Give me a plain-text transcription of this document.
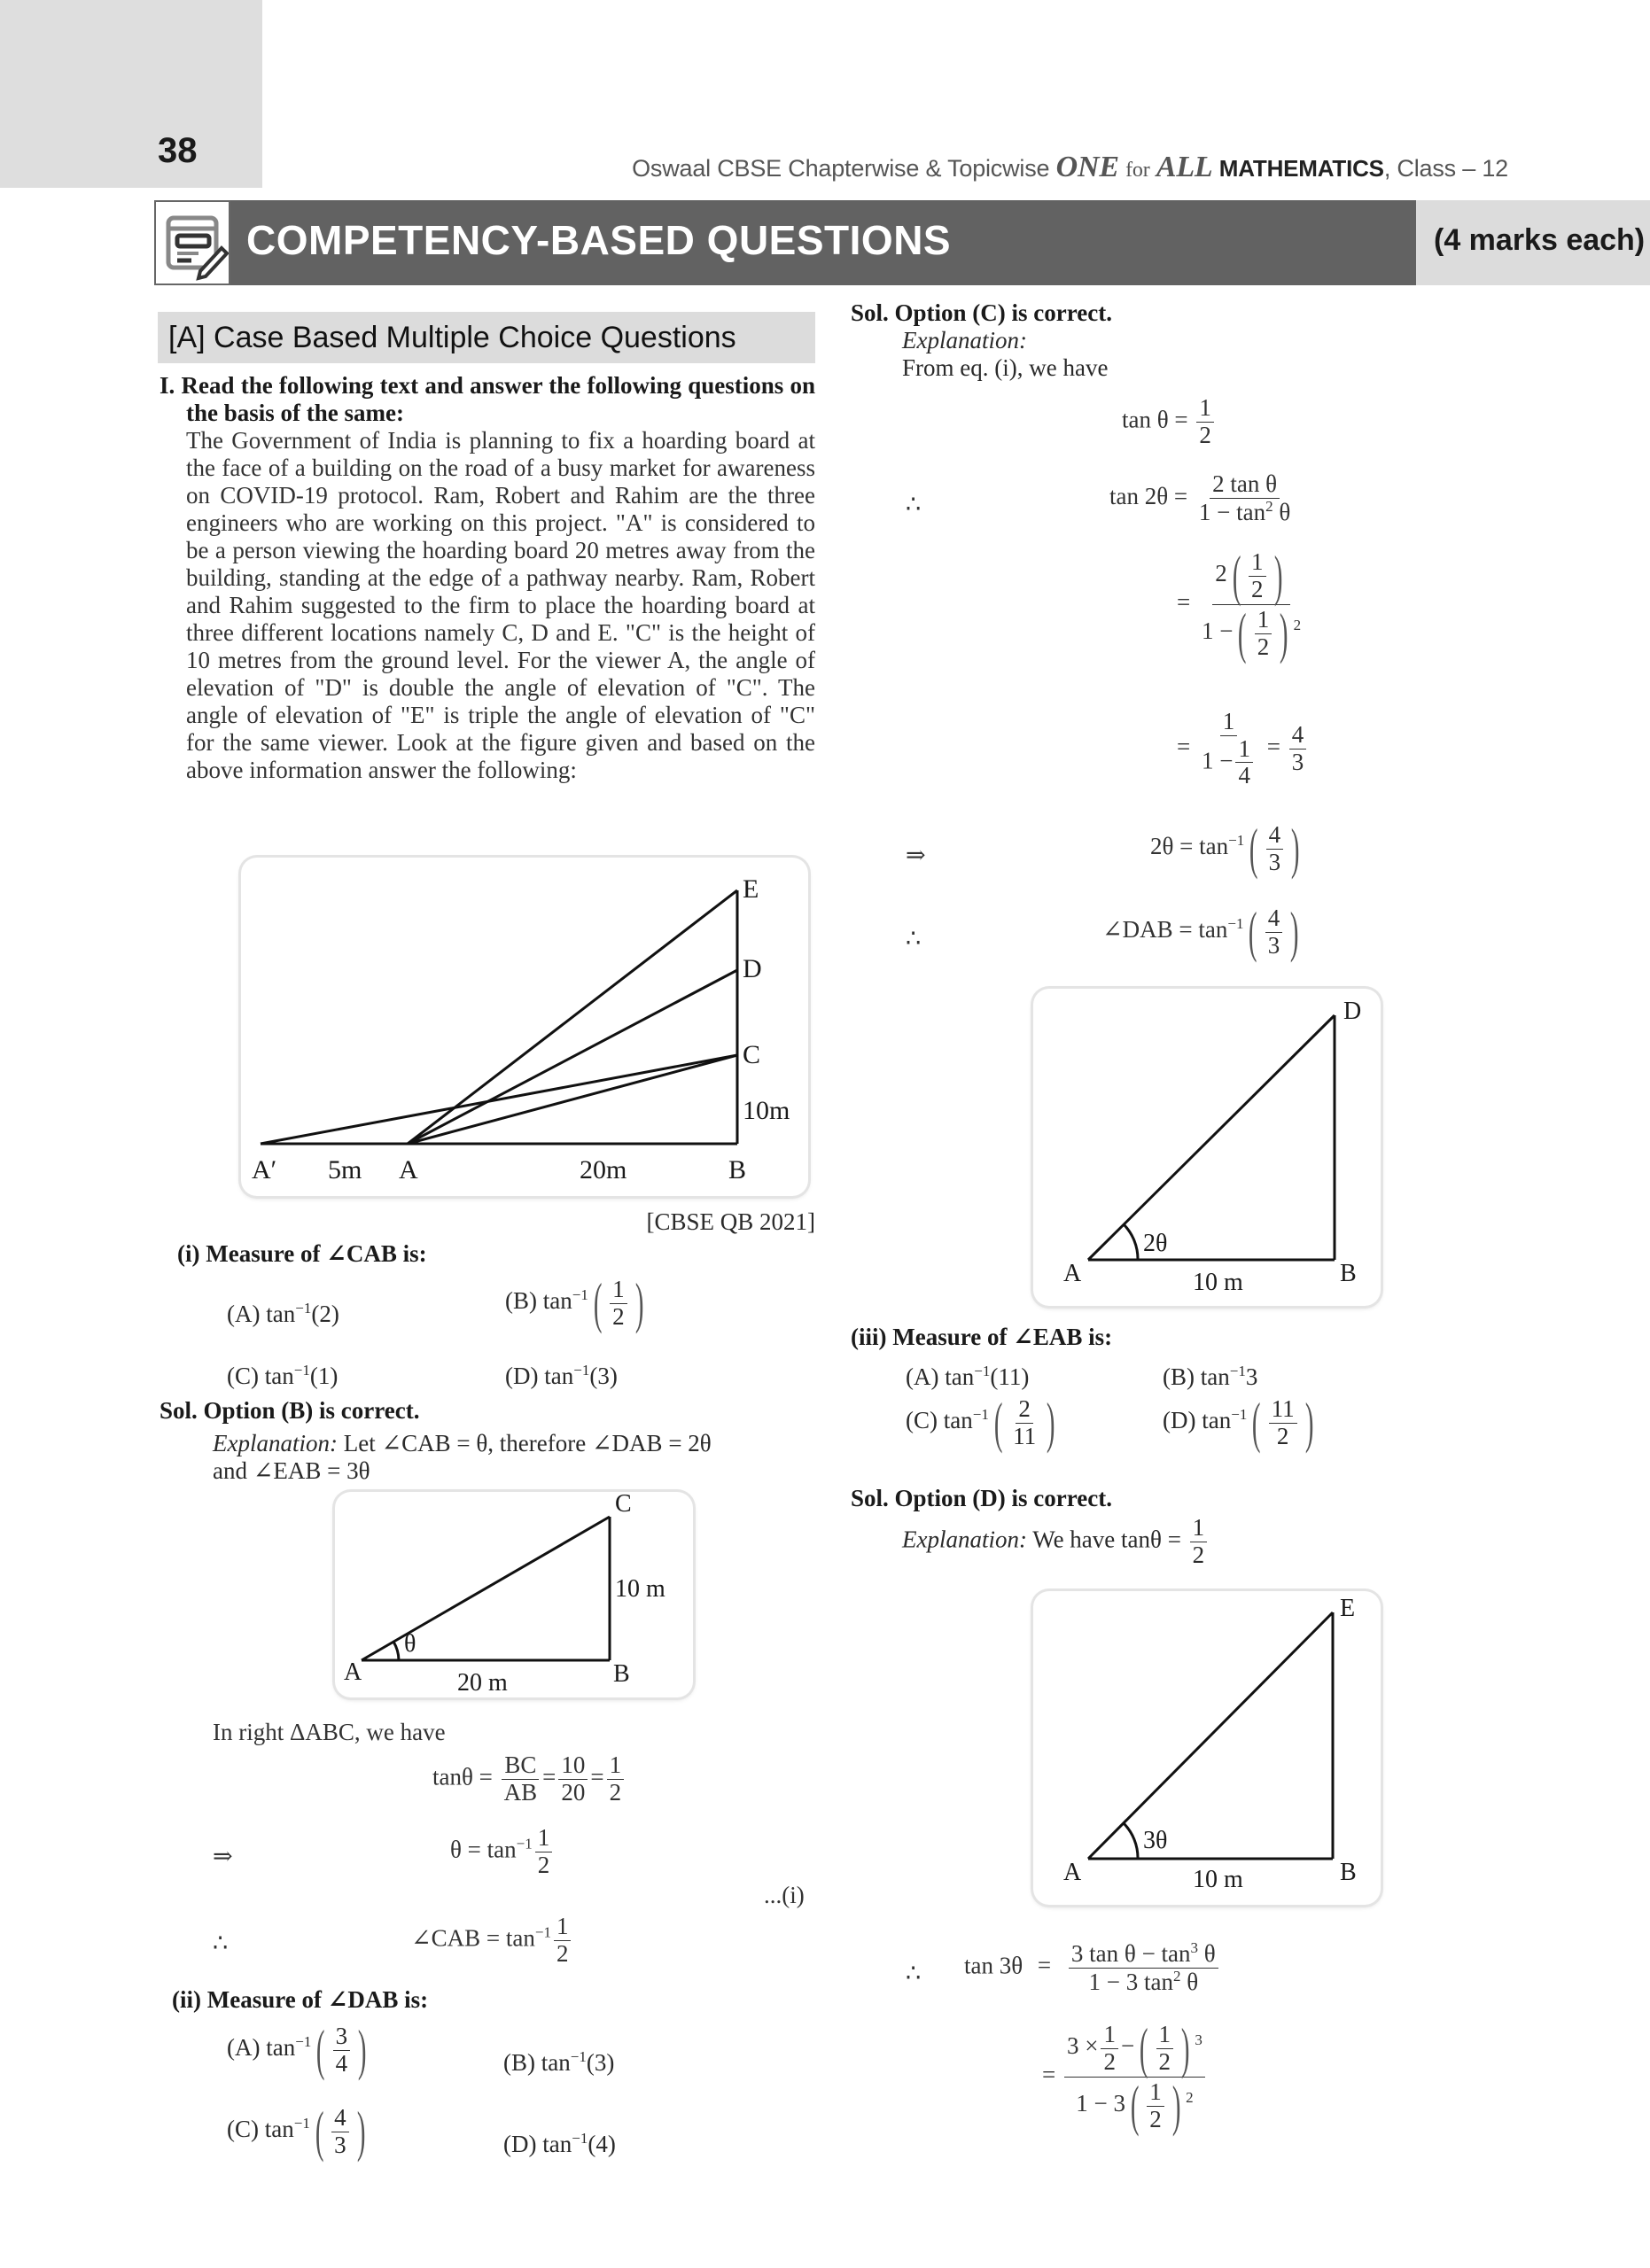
38	Oswaal CBSE Chapterwise & Topicwise ONE for ALL MATHEMATICS, Class – 12
COMPETENCY-BASED QUESTIONS	(4 marks each)
[A] Case Based Multiple Choice Questions
I. Read the following text and answer the following questions on the basis of the same:
The Government of India is planning to fix a hoarding board at the face of a building on the road of a busy market for awareness on COVID-19 protocol. Ram, Robert and Rahim are the three engineers who are working on this project. "A" is considered to be a person viewing the hoarding board 20 metres away from the building, standing at the edge of a pathway nearby. Ram, Robert and Rahim suggested to the firm to place the hoarding board at three different locations namely C, D and E. "C" is the height of 10 metres from the ground level. For the viewer A, the angle of elevation of "D" is double the angle of elevation of "C". The angle of elevation of "E" is triple the angle of elevation of "C" for the same viewer. Look at the figure given and based on the above information answer the following:
A′ 5m A	20m	B
C
D
E
10m
[CBSE QB 2021]
(i) Measure of ∠CAB is:
(A) $\tan^{-1}(2)$	(B) $\tan^{-1}$ ( $\frac{1}{2}$
)
(C) $\tan^{-1}(1)$	(D) $\tan^{-1}(3)$
Sol. Option (B) is correct.
Explanation: Let ∠CAB = θ, therefore ∠DAB = 2θ
and ∠EAB = 3θ
A	B
C
θ
20 m
10 m
In right ΔABC, we have
$\tan\theta = \frac{BC}{AB} = \frac{10}{20} = \frac{1}{2}$
⇒	$\theta = \tan^{-1} \frac{1}{2}$
...(i)
∴	∠CAB = $\tan^{-1} \frac{1}{2}$
(ii) Measure of ∠DAB is:
(A) $\tan^{-1}$ ( $\frac{3}{4}$
)	(B) $\tan^{-1}(3)$
(C) $\tan^{-1}$ ( $\frac{4}{3}$
)	(D) $\tan^{-1}(4)$
Sol. Option (C) is correct.
Explanation:
From eq. (i), we have
$\tan \theta = \frac{1}{2}$
∴	$\tan 2\theta = \frac{\text{2 tan θ}}{1 - \tan^2 \theta}$
= 2 ( $\frac{1}{2}$
)
1 − ( $\frac{1}{2}$
) $^2$
= $\frac{1}{1 - \frac{1}{4}} = \frac{4}{3}$
⇒	$2\theta = \tan^{-1}$ ( $\frac{4}{3}$
)
∴	∠DAB = $\tan^{-1}$ ( $\frac{4}{3}$
)
A	B
D
2θ
10 m
(iii) Measure of ∠EAB is:
(A) $\tan^{-1}(11)$	(B) $\tan^{-1}3$
(C) $\tan^{-1}$ ( $\frac{2}{11}$
)	(D) $\tan^{-1}$ ( $\frac{11}{2}$
)
Sol. Option (D) is correct.
Explanation: We have $\tan\theta = \frac{1}{2}$
A	B
E
3θ
10 m
∴ $\tan 3\theta = \frac{3 \tan \theta - \tan^3 \theta}{1 - 3 \tan^2 \theta}$
= $3 \times \frac{1}{2}$ − ( $\frac{1}{2}$
) $^3$
1 − 3 ( $\frac{1}{2}$
) $^2$
